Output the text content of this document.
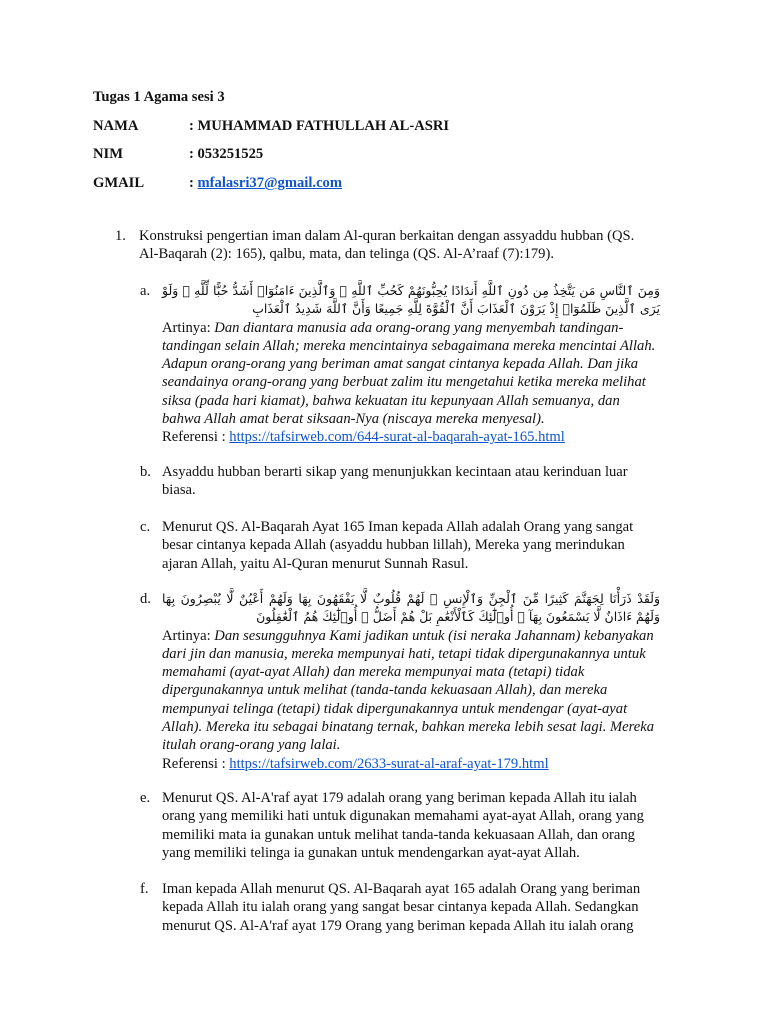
Tugas 1 Agama sesi 3
NAMA	: MUHAMMAD FATHULLAH AL-ASRI
NIM	: 053251525
GMAIL	: mfalasri37@gmail.com
1. Konstruksi pengertian iman dalam Al-quran berkaitan dengan assyaddu hubban (QS. Al-Baqarah (2): 165), qalbu, mata, dan telinga (QS. Al-A’raaf (7):179).
a. وَمِنَ ٱلنَّاسِ مَن يَتَّخِذُ مِن دُونِ ٱللَّهِ أَندَادًا يُحِبُّونَهُمْ كَحُبِّ ٱللَّهِ ۖ وَٱلَّذِينَ ءَامَنُوٓا۟ أَشَدُّ حُبًّا لِّلَّهِ ۗ وَلَوْ يَرَى ٱلَّذِينَ ظَلَمُوٓا۟ إِذْ يَرَوْنَ ٱلْعَذَابَ أَنَّ ٱلْقُوَّةَ لِلَّهِ جَمِيعًا وَأَنَّ ٱللَّهَ شَدِيدُ ٱلْعَذَابِ
Artinya: Dan diantara manusia ada orang-orang yang menyembah tandingan-tandingan selain Allah; mereka mencintainya sebagaimana mereka mencintai Allah. Adapun orang-orang yang beriman amat sangat cintanya kepada Allah. Dan jika seandainya orang-orang yang berbuat zalim itu mengetahui ketika mereka melihat siksa (pada hari kiamat), bahwa kekuatan itu kepunyaan Allah semuanya, dan bahwa Allah amat berat siksaan-Nya (niscaya mereka menyesal).
Referensi : https://tafsirweb.com/644-surat-al-baqarah-ayat-165.html
b. Asyaddu hubban berarti sikap yang menunjukkan kecintaan atau kerinduan luar biasa.
c. Menurut QS. Al-Baqarah Ayat 165 Iman kepada Allah adalah Orang yang sangat besar cintanya kepada Allah (asyaddu hubban lillah), Mereka yang merindukan ajaran Allah, yaitu Al-Quran menurut Sunnah Rasul.
d. وَلَقَدْ ذَرَأْنَا لِجَهَنَّمَ كَثِيرًا مِّنَ ٱلْجِنِّ وَٱلْإِنسِ ۖ لَهُمْ قُلُوبٌ لَّا يَفْقَهُونَ بِهَا وَلَهُمْ أَعْيُنٌ لَّا يُبْصِرُونَ بِهَا وَلَهُمْ ءَاذَانٌ لَّا يَسْمَعُونَ بِهَآ ۚ أُو۟لَٰٓئِكَ كَٱلْأَنْعَٰمِ بَلْ هُمْ أَضَلُّ ۚ أُو۟لَٰٓئِكَ هُمُ ٱلْغَٰفِلُونَ
Artinya: Dan sesungguhnya Kami jadikan untuk (isi neraka Jahannam) kebanyakan dari jin dan manusia, mereka mempunyai hati, tetapi tidak dipergunakannya untuk memahami (ayat-ayat Allah) dan mereka mempunyai mata (tetapi) tidak dipergunakannya untuk melihat (tanda-tanda kekuasaan Allah), dan mereka mempunyai telinga (tetapi) tidak dipergunakannya untuk mendengar (ayat-ayat Allah). Mereka itu sebagai binatang ternak, bahkan mereka lebih sesat lagi. Mereka itulah orang-orang yang lalai.
Referensi : https://tafsirweb.com/2633-surat-al-araf-ayat-179.html
e. Menurut QS. Al-A'raf ayat 179 adalah orang yang beriman kepada Allah itu ialah orang yang memiliki hati untuk digunakan memahami ayat-ayat Allah, orang yang memiliki mata ia gunakan untuk melihat tanda-tanda kekuasaan Allah, dan orang yang memiliki telinga ia gunakan untuk mendengarkan ayat-ayat Allah.
f. Iman kepada Allah menurut QS. Al-Baqarah ayat 165 adalah Orang yang beriman kepada Allah itu ialah orang yang sangat besar cintanya kepada Allah. Sedangkan menurut QS. Al-A'raf ayat 179 Orang yang beriman kepada Allah itu ialah orang
